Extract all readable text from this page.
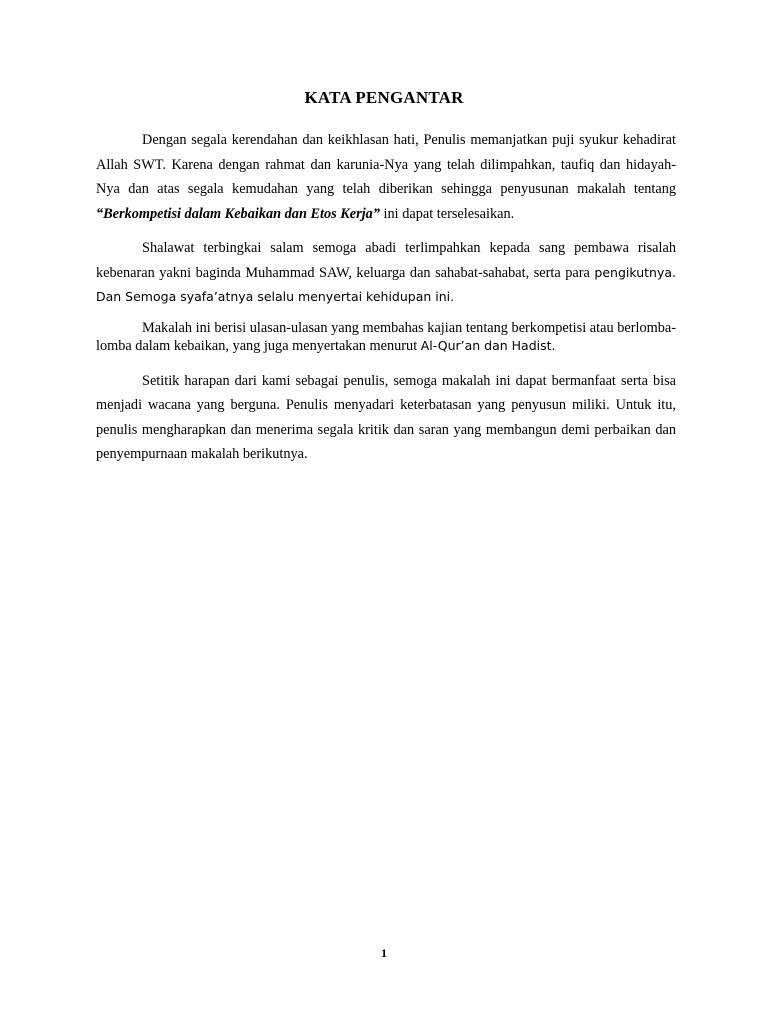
KATA PENGANTAR

Dengan segala kerendahan dan keikhlasan hati, Penulis memanjatkan puji syukur kehadirat Allah SWT. Karena dengan rahmat dan karunia-Nya yang telah dilimpahkan, taufiq dan hidayah-Nya dan atas segala kemudahan yang telah diberikan sehingga penyusunan makalah tentang “Berkompetisi dalam Kebaikan dan Etos Kerja” ini dapat terselesaikan.

Shalawat terbingkai salam semoga abadi terlimpahkan kepada sang pembawa risalah kebenaran yakni baginda Muhammad SAW, keluarga dan sahabat-sahabat, serta para pengikutnya. Dan Semoga syafa’atnya selalu menyertai kehidupan ini.

Makalah ini berisi ulasan-ulasan yang membahas kajian tentang berkompetisi atau berlomba-lomba dalam kebaikan, yang juga menyertakan menurut Al-Qur’an dan Hadist.

Setitik harapan dari kami sebagai penulis, semoga makalah ini dapat bermanfaat serta bisa menjadi wacana yang berguna. Penulis menyadari keterbatasan yang penyusun miliki. Untuk itu, penulis mengharapkan dan menerima segala kritik dan saran yang membangun demi perbaikan dan penyempurnaan makalah berikutnya.

1
